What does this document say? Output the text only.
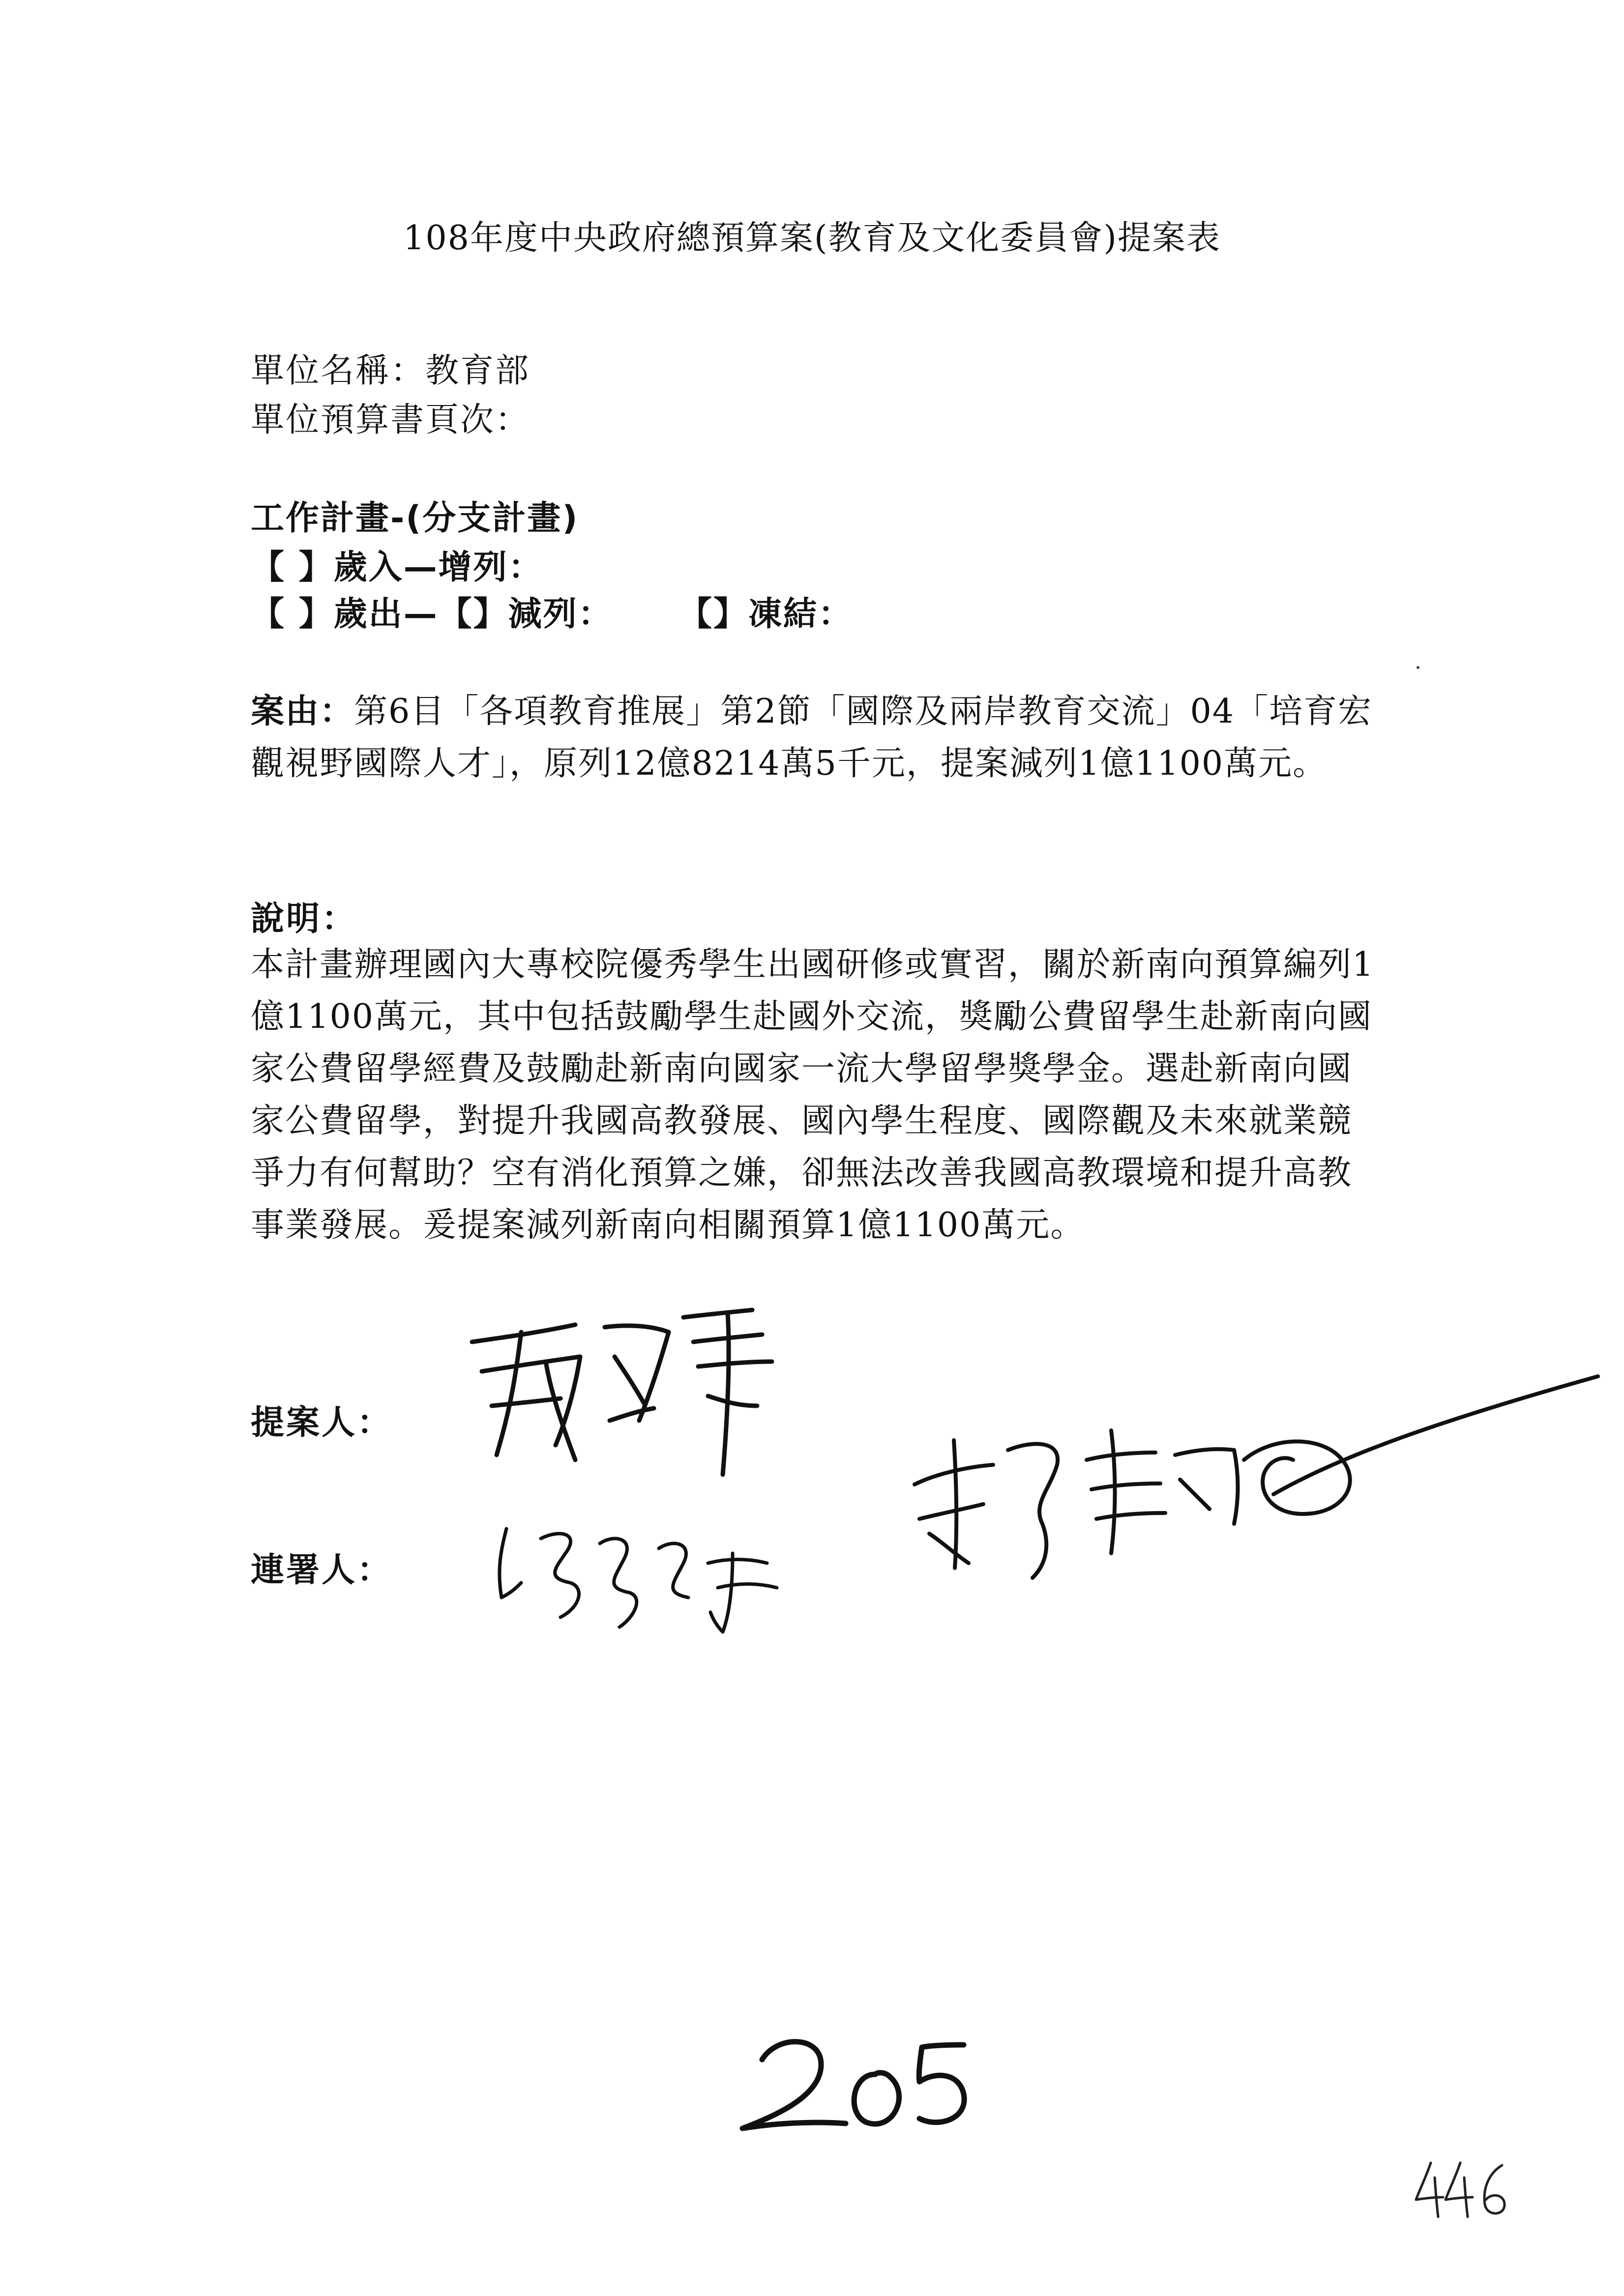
108年度中央政府總預算案(教育及文化委員會)提案表
單位名稱：教育部
單位預算書頁次：
工作計畫-(分支計畫)
【 】歲入—增列：
【 】歲出—【】減列：     【】凍結：
案由：第6目「各項教育推展」第2節「國際及兩岸教育交流」04「培育宏觀視野國際人才」，原列12億8214萬5千元，提案減列1億1100萬元。
說明：
本計畫辦理國內大專校院優秀學生出國研修或實習，關於新南向預算編列1億1100萬元，其中包括鼓勵學生赴國外交流，獎勵公費留學生赴新南向國家公費留學經費及鼓勵赴新南向國家一流大學留學獎學金。選赴新南向國家公費留學，對提升我國高教發展、國內學生程度、國際觀及未來就業競爭力有何幫助？空有消化預算之嫌，卻無法改善我國高教環境和提升高教事業發展。爰提案減列新南向相關預算1億1100萬元。
提案人：
連署人：
